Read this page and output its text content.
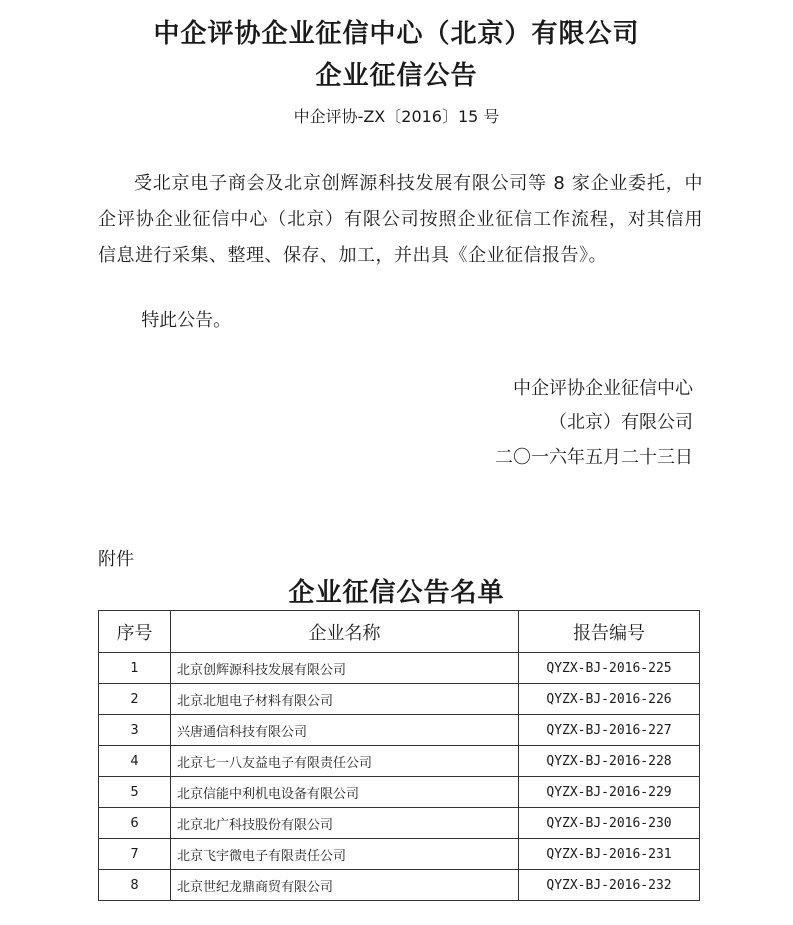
中企评协企业征信中心（北京）有限公司
企业征信公告
中企评协-ZX〔2016〕15 号
受北京电子商会及北京创辉源科技发展有限公司等 8 家企业委托，中企评协企业征信中心（北京）有限公司按照企业征信工作流程，对其信用信息进行采集、整理、保存、加工，并出具《企业征信报告》。
特此公告。
中企评协企业征信中心
（北京）有限公司
二〇一六年五月二十三日
附件
企业征信公告名单
序号	企业名称	报告编号
1	北京创辉源科技发展有限公司	QYZX-BJ-2016-225
2	北京北旭电子材料有限公司	QYZX-BJ-2016-226
3	兴唐通信科技有限公司	QYZX-BJ-2016-227
4	北京七一八友益电子有限责任公司	QYZX-BJ-2016-228
5	北京信能中利机电设备有限公司	QYZX-BJ-2016-229
6	北京北广科技股份有限公司	QYZX-BJ-2016-230
7	北京飞宇微电子有限责任公司	QYZX-BJ-2016-231
8	北京世纪龙鼎商贸有限公司	QYZX-BJ-2016-232
